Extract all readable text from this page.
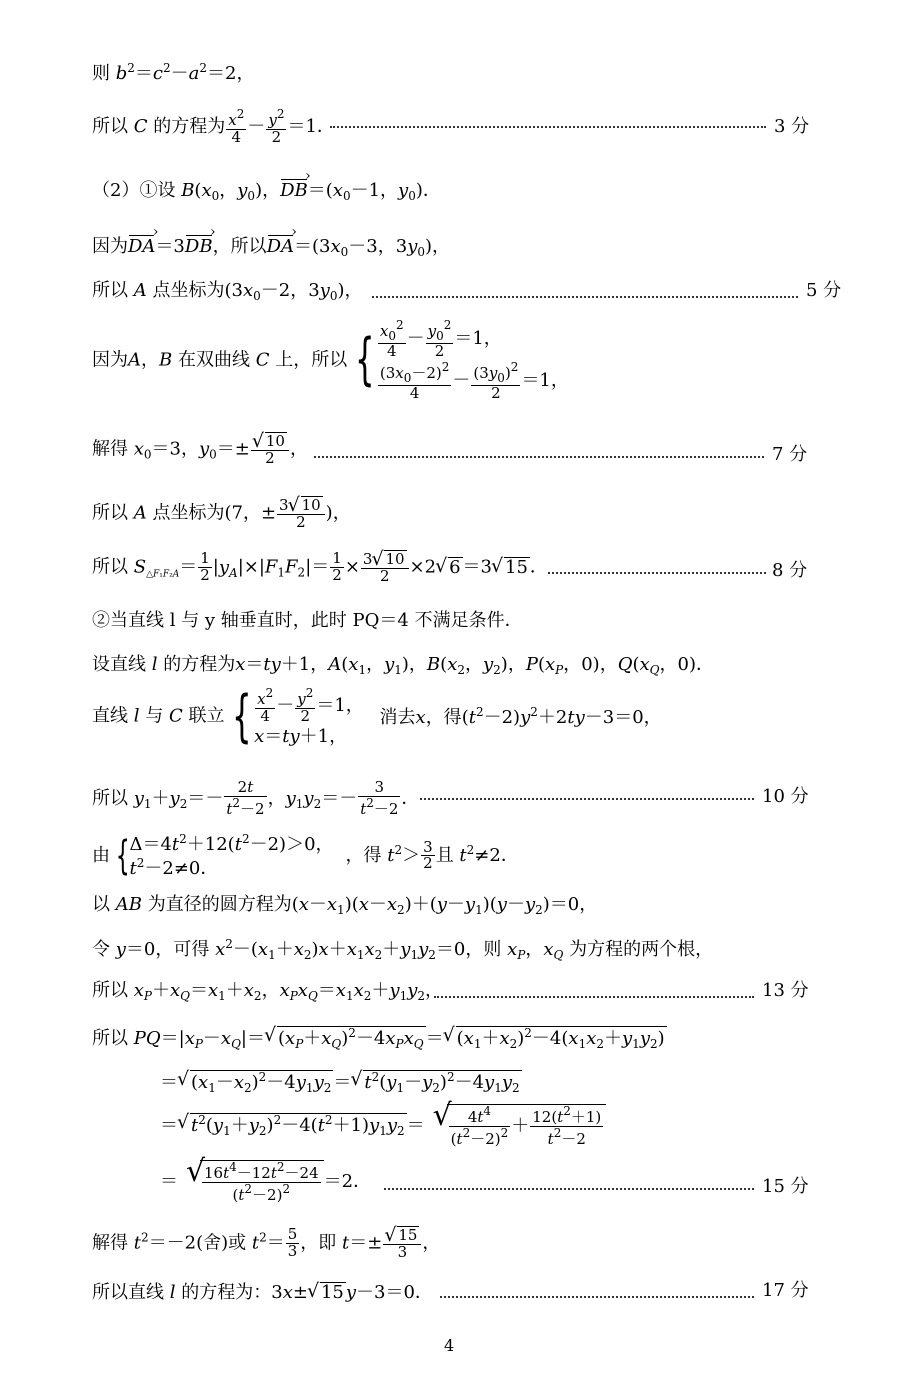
则 $b^2=c^2-a^2=2$，
所以 C 的方程为 $\frac{x^2}{4} - \frac{y^2}{2} =1$．	3 分
（2）①设 $B(x_0$，$y_0$)，DB $›=(x_0-1$，$y_0$)．
因为DA ›＝3DB ›，所以DA $›=(3x_0-3$，$3y_0$)，
所以 A 点坐标为($3x_0-2$，$3y_0$)，	5 分
因为A，B 在双曲线 C 上，所以 { $\frac{x_0^2}{4} - \frac{y_0^2}{2} =1$，
$\frac{(3x_0-2)^2}{4} - \frac{(3y_0)^2}{2} =1$，
解得 $x_0=3$，$y_0=\pm$
√ $\frac{10}{2}$ ，	7 分
所以 A 点坐标为(7，± $\frac{3√ 10}{2}$ )，
所以 $S_{\triangle F_1F_2A}= \frac{1}{2} |y_A|\times|F_1F_2|= \frac{1}{2} \times \frac{3√ 10}{2} \times 2√$ 6 ＝3√ 15 ．	8 分
②当直线 l 与 y 轴垂直时，此时 PQ＝4 不满足条件．
设直线 l 的方程为x＝ty＋1，$A(x_1$，$y_1$)，$B(x_2$，$y_2$)，$P(x_P$，0)，$Q(x_Q$，0)．
直线 l 与 C 联立 { $\frac{x^2}{4} - \frac{y^2}{2} =1$，
x＝ty＋1，
消去x，得$(t^2-2)y^2+2ty-3=0$，
所以 $y_1+y_2=- \frac{2t}{t^2-2}$ ，$y_1y_2=- \frac{3}{t^2-2}$ ．	10 分
由 { $\Delta=4t^2+12(t^2-2)>0$，
$t^2-2\ne 0$．
，得 $t^2> \frac{3}{2}$ 且 $t^2\ne 2$．
以 AB 为直径的圆方程为$(x-x_1)(x-x_2)+(y-y_1)(y-y_2)=0$，
令 y＝0，可得 $x^2-(x_1+x_2)x+x_1x_2+y_1y_2=0$，则 $x_P$，$x_Q$ 为方程的两个根，
所以 $x_P+x_Q=x_1+x_2$，$x_Px_Q=x_1x_2+y_1y_2$，	13 分
所以 $PQ=|x_P-x_Q|=√$ $(x_P+x_Q)^2-4x_Px_Q$ ＝√ $(x_1+x_2)^2-4(x_1x_2+y_1y_2)$
＝√ $(x_1-x_2)^2-4y_1y_2$ ＝√ $t^2(y_1-y_2)^2-4y_1y_2$
＝√ $t^2(y_1+y_2)^2-4(t^2+1)y_1y_2$ ＝
√ $\frac{4t^4}{(t^2-2)^2} + \frac{12(t^2+1)}{t^2-2}$
＝
√ $\frac{16t^4-12t^2-24}{(t^2-2)^2} =2$．	15 分
解得 $t^2=-2$(舍)或 $t^2= \frac{5}{3}$ ，即 t＝±
√ $\frac{15}{3}$ ，
所以直线 l 的方程为：3x±√ 15 y－3＝0．	17 分
4
